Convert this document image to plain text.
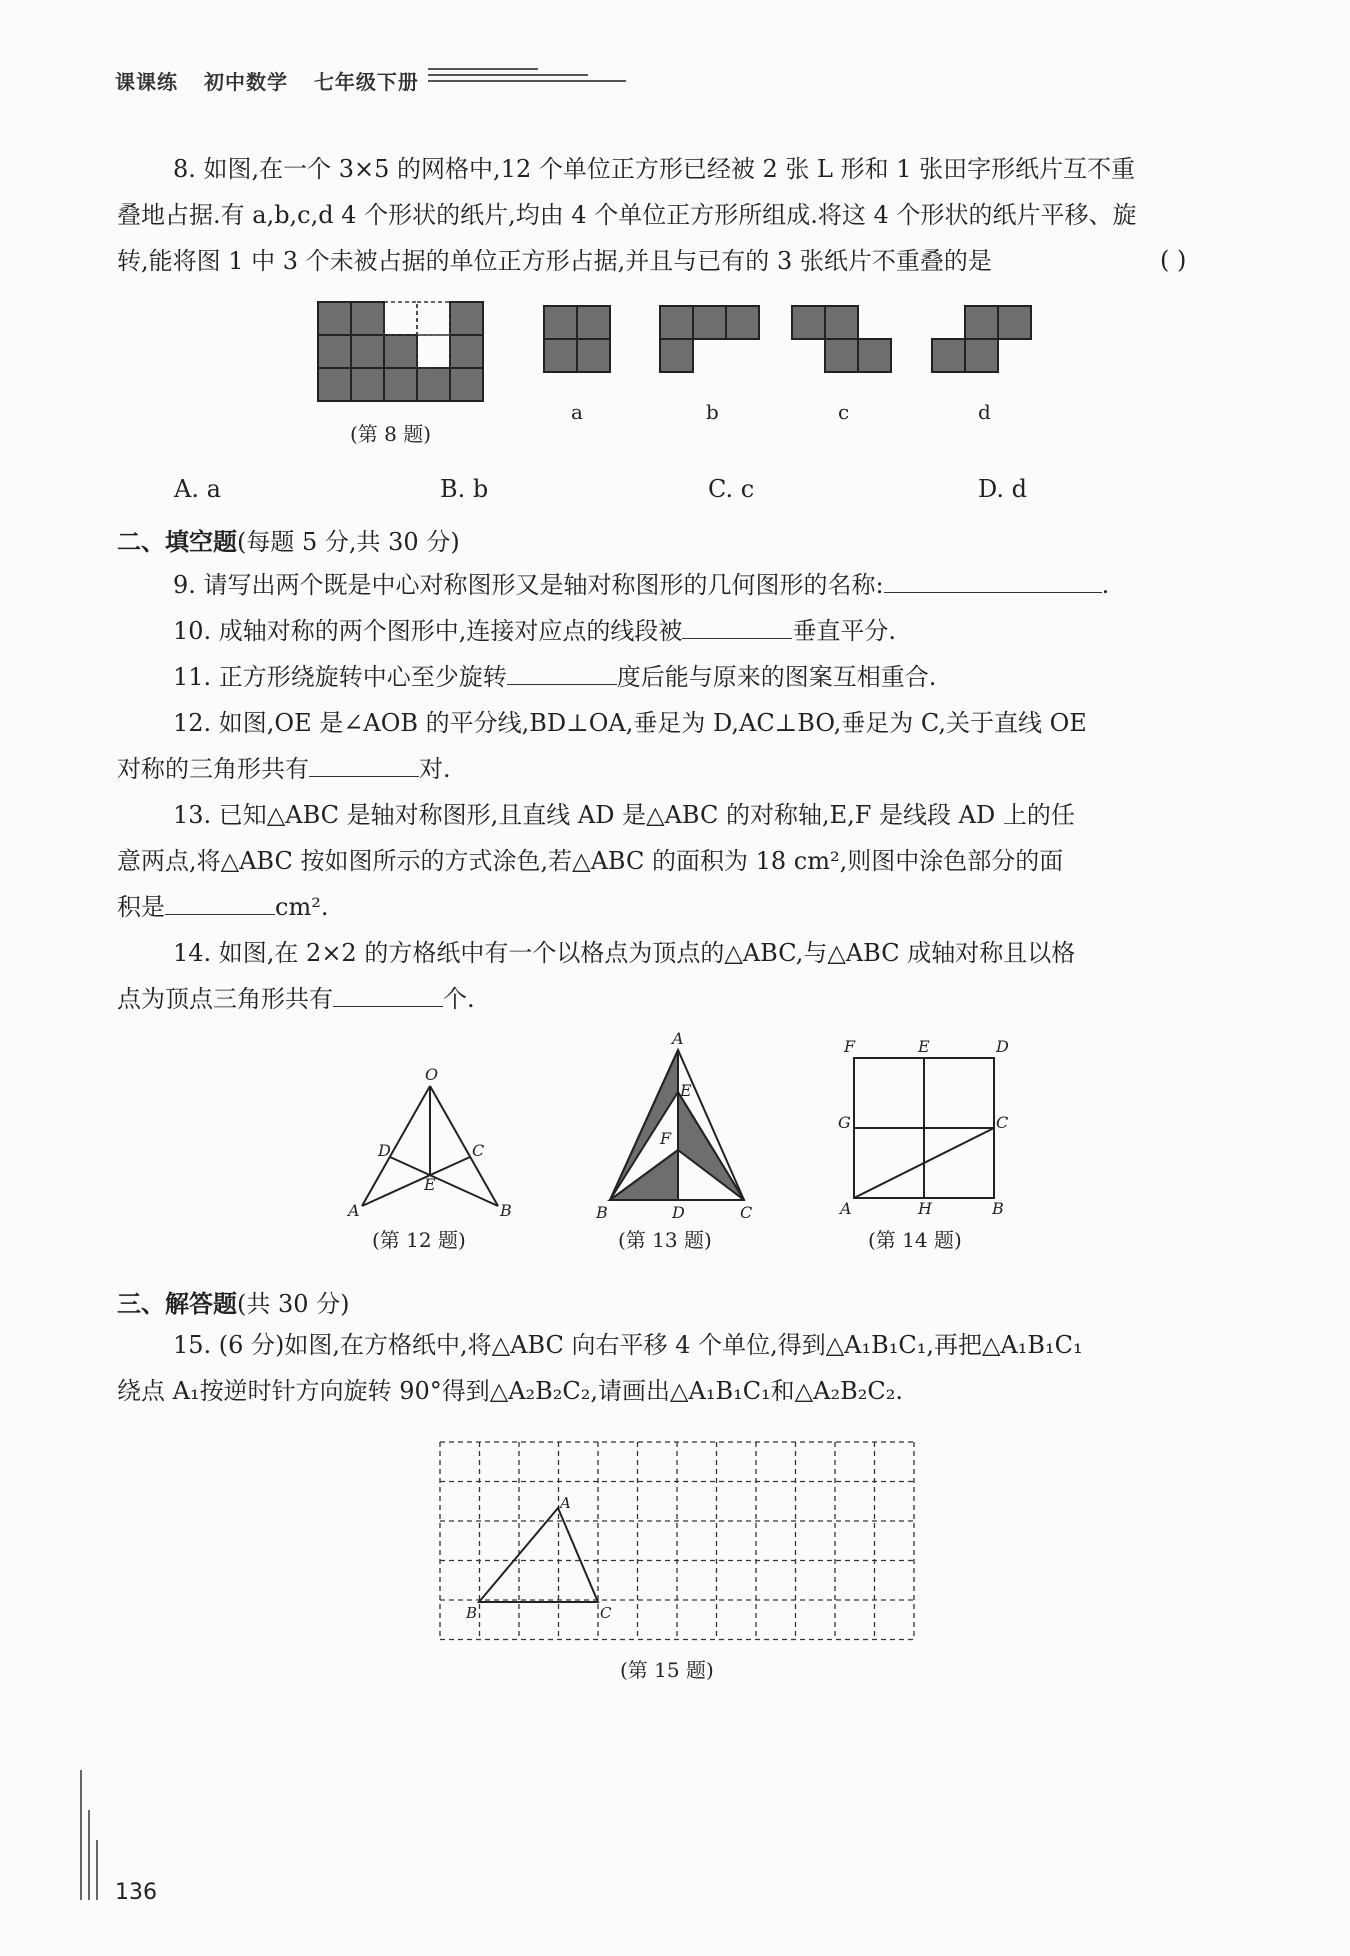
课课练 初中数学 七年级下册

8. 如图,在一个 3×5 的网格中,12 个单位正方形已经被 2 张 L 形和 1 张田字形纸片互不重

叠地占据.有 a,b,c,d 4 个形状的纸片,均由 4 个单位正方形所组成.将这 4 个形状的纸片平移、旋

转,能将图 1 中 3 个未被占据的单位正方形占据,并且与已有的 3 张纸片不重叠的是	( )
(第 8 题)
a	b	c	d
A. a	B. b	C. c	D. d
二、填空题(每题 5 分,共 30 分)

9. 请写出两个既是中心对称图形又是轴对称图形的几何图形的名称:	.

10. 成轴对称的两个图形中,连接对应点的线段被	垂直平分.

11. 正方形绕旋转中心至少旋转	度后能与原来的图案互相重合.

12. 如图,OE 是∠AOB 的平分线,BD⊥OA,垂足为 D,AC⊥BO,垂足为 C,关于直线 OE

对称的三角形共有	对.

13. 已知△ABC 是轴对称图形,且直线 AD 是△ABC 的对称轴,E,F 是线段 AD 上的任

意两点,将△ABC 按如图所示的方式涂色,若△ABC 的面积为 18 cm²,则图中涂色部分的面

积是	cm².

14. 如图,在 2×2 的方格纸中有一个以格点为顶点的△ABC,与△ABC 成轴对称且以格

点为顶点三角形共有	个.

O
D	C
E
A	B
(第 12 题)
A
E
F
B	D	C
(第 13 题)
F	E	D
G	C
A	H	B
(第 14 题)
三、解答题(共 30 分)

15. (6 分)如图,在方格纸中,将△ABC 向右平移 4 个单位,得到△A₁B₁C₁,再把△A₁B₁C₁

绕点 A₁按逆时针方向旋转 90°得到△A₂B₂C₂,请画出△A₁B₁C₁和△A₂B₂C₂.

A
B	C
(第 15 题)
136
